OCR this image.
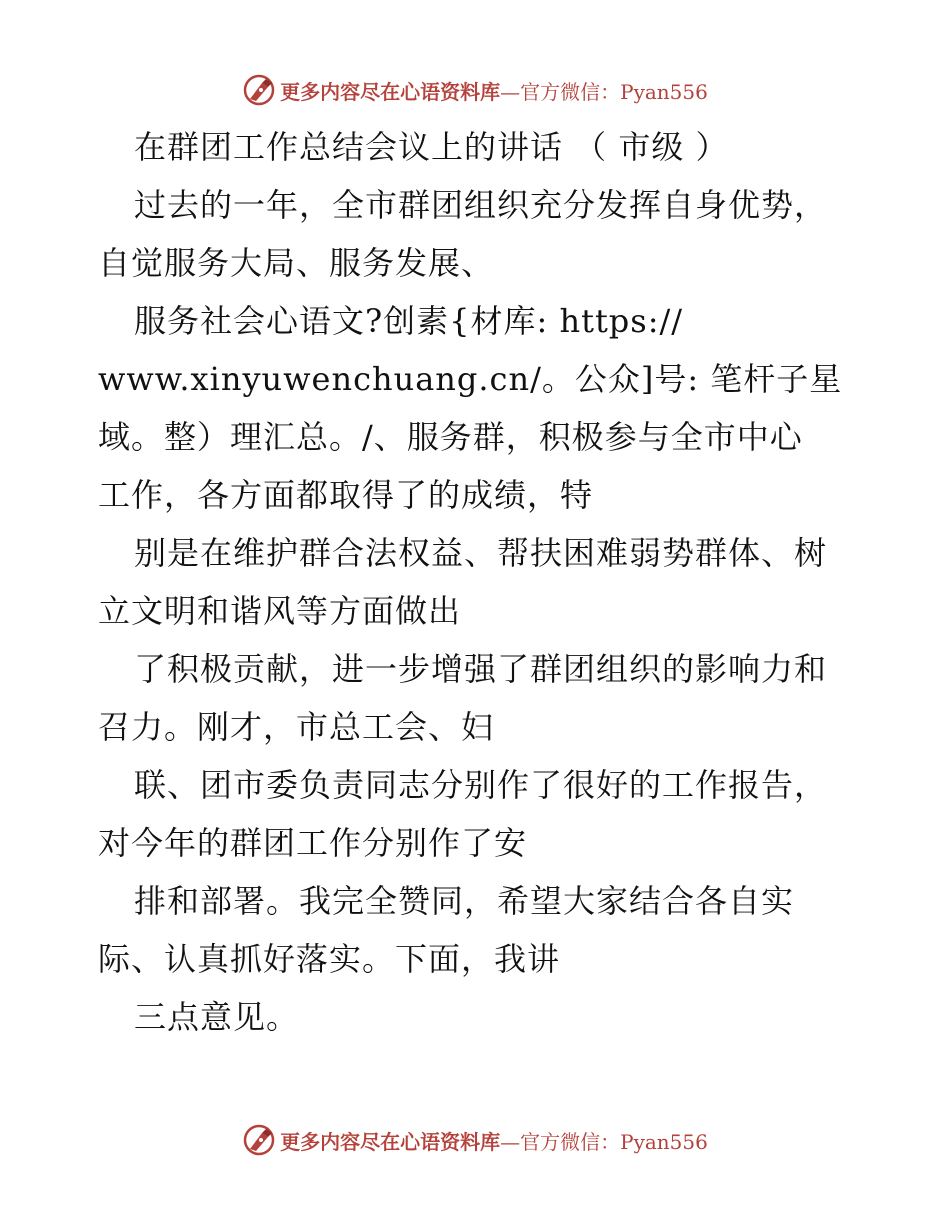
更多内容尽在心语资料库—官方微信：Pyan556
在群团工作总结会议上的讲话 （ 市级 ）
过去的一年，全市群团组织充分发挥自身优势，
自觉服务大局、服务发展、
服务社会心语文?创素{材库: https://
www.xinyuwenchuang.cn/。公众]号: 笔杆子星
域。整）理汇总。/、服务群，积极参与全市中心
工作，各方面都取得了的成绩，特
别是在维护群合法权益、帮扶困难弱势群体、树
立文明和谐风等方面做出
了积极贡献，进一步增强了群团组织的影响力和
召力。刚才，市总工会、妇
联、团市委负责同志分别作了很好的工作报告，
对今年的群团工作分别作了安
排和部署。我完全赞同，希望大家结合各自实
际、认真抓好落实。下面，我讲
三点意见。
更多内容尽在心语资料库—官方微信：Pyan556
